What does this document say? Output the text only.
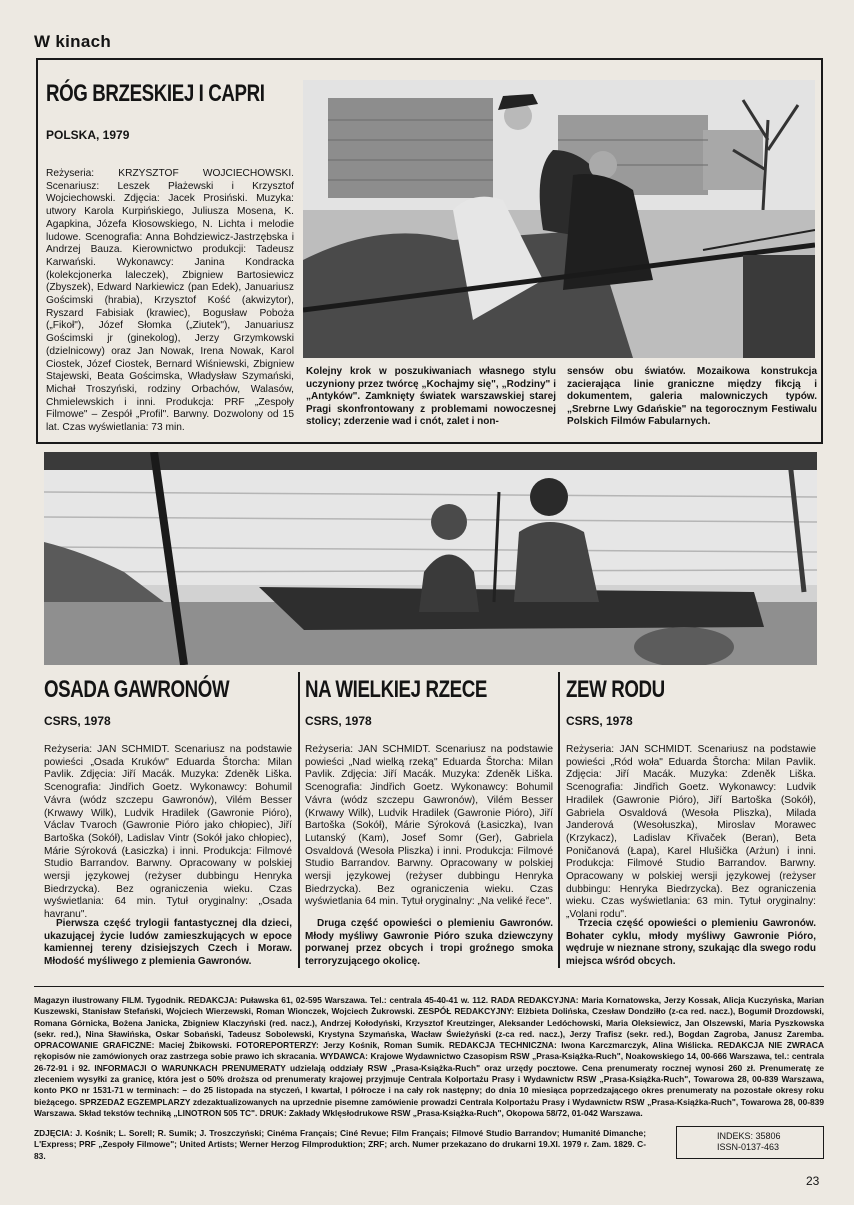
W kinach
RÓG BRZESKIEJ I CAPRI
POLSKA, 1979
Reżyseria: KRZYSZTOF WOJCIECHOWSKI. Scenariusz: Leszek Płażewski i Krzysztof Wojciechowski. Zdjęcia: Jacek Prosiński. Muzyka: utwory Karola Kurpińskiego, Juliusza Mosena, K. Agapkina, Józefa Kłosowskiego, N. Lichta i melodie ludowe. Scenografia: Anna Bohdziewicz-Jastrzębska i Andrzej Bauza. Kierownictwo produkcji: Tadeusz Karwański. Wykonawcy: Janina Kondracka (kolekcjonerka laleczek), Zbigniew Bartosiewicz (Zbyszek), Edward Narkiewicz (pan Edek), Januariusz Gościmski (hrabia), Krzysztof Kość (akwizytor), Ryszard Fabisiak (krawiec), Bogusław Poboża („Fikoł"), Józef Słomka („Ziutek"), Januariusz Gościmski jr (ginekolog), Jerzy Grzymkowski (dzielnicowy) oraz Jan Nowak, Irena Nowak, Karol Ciostek, Józef Ciostek, Bernard Wiśniewski, Zbigniew Stajewski, Beata Gościmska, Władysław Szymański, Michał Troszyński, rodziny Orbachów, Walasów, Chmielewskich i inni. Produkcja: PRF „Zespoły Filmowe" – Zespół „Profil". Barwny. Dozwolony od 15 lat. Czas wyświetlania: 73 min.
Kolejny krok w poszukiwaniach własnego stylu uczyniony przez twórcę „Kochajmy się", „Rodziny" i „Antyków". Zamknięty światek warszawskiej starej Pragi skonfrontowany z problemami nowoczesnej stolicy; zderzenie wad i cnót, zalet i non-
sensów obu światów. Mozaikowa konstrukcja zacierająca linie graniczne między fikcją i dokumentem, galeria malowniczych typów. „Srebrne Lwy Gdańskie" na tegorocznym Festiwalu Polskich Filmów Fabularnych.
OSADA GAWRONÓW
CSRS, 1978
Reżyseria: JAN SCHMIDT. Scenariusz na podstawie powieści „Osada Kruków" Eduarda Štorcha: Milan Pavlik. Zdjęcia: Jiří Macák. Muzyka: Zdeněk Liška. Scenografia: Jindřich Goetz. Wykonawcy: Bohumil Vávra (wódz szczepu Gawronów), Vilém Besser (Krwawy Wilk), Ludvik Hradilek (Gawronie Pióro), Václav Tvaroch (Gawronie Pióro jako chłopiec), Jiří Bartoška (Sokół), Ladislav Vintr (Sokół jako chłopiec), Márie Sýroková (Łasiczka) i inni. Produkcja: Filmové Studio Barrandov. Barwny. Opracowany w polskiej wersji językowej (reżyser dubbingu Henryka Biedrzycka). Bez ograniczenia wieku. Czas wyświetlania: 64 min. Tytuł oryginalny: „Osada havranu".
Pierwsza część trylogii fantastycznej dla dzieci, ukazującej życie ludów zamieszkujących w epoce kamiennej tereny dzisiejszych Czech i Moraw. Młodość myśliwego z plemienia Gawronów.
NA WIELKIEJ RZECE
CSRS, 1978
Reżyseria: JAN SCHMIDT. Scenariusz na podstawie powieści „Nad wielką rzeką" Eduarda Štorcha: Milan Pavlik. Zdjęcia: Jiří Macák. Muzyka: Zdeněk Liška. Scenografia: Jindřich Goetz. Wykonawcy: Bohumil Vávra (wódz szczepu Gawronów), Vilém Besser (Krwawy Wilk), Ludvik Hradilek (Gawronie Pióro), Jiří Bartoška (Sokół), Márie Sýroková (Łasiczka), Ivan Lutanský (Kam), Josef Somr (Ger), Gabriela Osvaldová (Wesoła Pliszka) i inni. Produkcja: Filmové Studio Barrandov. Barwny. Opracowany w polskiej wersji językowej (reżyser dubbingu Henryka Biedrzycka). Bez ograniczenia wieku. Czas wyświetlania 64 min. Tytuł oryginalny: „Na veliké řece".
Druga część opowieści o plemieniu Gawronów. Młody myśliwy Gawronie Pióro szuka dziewczyny porwanej przez obcych i tropi groźnego smoka terroryzującego okolicę.
ZEW RODU
CSRS, 1978
Reżyseria: JAN SCHMIDT. Scenariusz na podstawie powieści „Ród woła" Eduarda Štorcha: Milan Pavlik. Zdjęcia: Jiří Macák. Muzyka: Zdeněk Liška. Scenografia: Jindřich Goetz. Wykonawcy: Ludvik Hradilek (Gawronie Pióro), Jiří Bartoška (Sokół), Gabriela Osvaldová (Wesoła Pliszka), Milada Janderová (Wesołuszka), Miroslav Morawec (Krzykacz), Ladislav Křivaček (Beran), Beta Poničanová (Łapa), Karel Hlušička (Arżun) i inni. Produkcja: Filmové Studio Barrandov. Barwny. Opracowany w polskiej wersji językowej (reżyser dubbingu: Henryka Biedrzycka). Bez ograniczenia wieku. Czas wyświetlania: 63 min. Tytuł oryginalny: „Volani rodu".
Trzecia część opowieści o plemieniu Gawronów. Bohater cyklu, młody myśliwy Gawronie Pióro, wędruje w nieznane strony, szukając dla swego rodu miejsca wśród obcych.
Magazyn ilustrowany FILM. Tygodnik. REDAKCJA: Puławska 61, 02-595 Warszawa. Tel.: centrala 45-40-41 w. 112. RADA REDAKCYJNA: Maria Kornatowska, Jerzy Kossak, Alicja Kuczyńska, Marian Kuszewski, Stanisław Stefański, Wojciech Wierzewski, Roman Wionczek, Wojciech Żukrowski. ZESPÓŁ REDAKCYJNY: Elżbieta Dolińska, Czesław Dondziłło (z-ca red. nacz.), Bogumił Drozdowski, Romana Górnicka, Bożena Janicka, Zbigniew Klaczyński (red. nacz.), Andrzej Kołodyński, Krzysztof Kreutzinger, Aleksander Ledóchowski, Maria Oleksiewicz, Jan Olszewski, Maria Pyszkowska (sekr. red.), Nina Sławińska, Oskar Sobański, Tadeusz Sobolewski, Krystyna Szymańska, Wacław Świeżyński (z-ca red. nacz.), Jerzy Trafisz (sekr. red.), Bogdan Zagroba, Janusz Zaremba. OPRACOWANIE GRAFICZNE: Maciej Żbikowski. FOTOREPORTERZY: Jerzy Kośnik, Roman Sumik. REDAKCJA TECHNICZNA: Iwona Karczmarczyk, Alina Wiślicka. REDAKCJA NIE ZWRACA rękopisów nie zamówionych oraz zastrzega sobie prawo ich skracania. WYDAWCA: Krajowe Wydawnictwo Czasopism RSW „Prasa-Książka-Ruch", Noakowskiego 14, 00-666 Warszawa, tel.: centrala 26-72-91 i 92. INFORMACJI O WARUNKACH PRENUMERATY udzielają oddziały RSW „Prasa-Książka-Ruch" oraz urzędy pocztowe. Cena prenumeraty rocznej wynosi 260 zł. Prenumeratę ze zleceniem wysyłki za granicę, która jest o 50% droższa od prenumeraty krajowej przyjmuje Centrala Kolportażu Prasy i Wydawnictw RSW „Prasa-Książka-Ruch", Towarowa 28, 00-839 Warszawa, konto PKO nr 1531-71 w terminach: – do 25 listopada na styczeń, I kwartał, I półrocze i na cały rok następny; do dnia 10 miesiąca poprzedzającego okres prenumeraty na pozostałe okresy roku bieżącego. SPRZEDAŻ EGZEMPLARZY zdezaktualizowanych na uprzednie pisemne zamówienie prowadzi Centrala Kolportażu Prasy i Wydawnictw RSW „Prasa-Książka-Ruch", Towarowa 28, 00-839 Warszawa. Skład tekstów techniką „LINOTRON 505 TC". DRUK: Zakłady Wklęsłodrukowe RSW „Prasa-Książka-Ruch", Okopowa 58/72, 01-042 Warszawa.
ZDJĘCIA: J. Kośnik; L. Sorell; R. Sumik; J. Troszczyński; Cinéma Français; Ciné Revue; Film Français; Filmové Studio Barrandov; Humanité Dimanche; L'Express; PRF „Zespoły Filmowe"; United Artists; Werner Herzog Filmproduktion; ZRF; arch. Numer przekazano do drukarni 19.XI. 1979 r. Zam. 1829. C-83.
INDEKS: 35806
ISSN-0137-463
23
